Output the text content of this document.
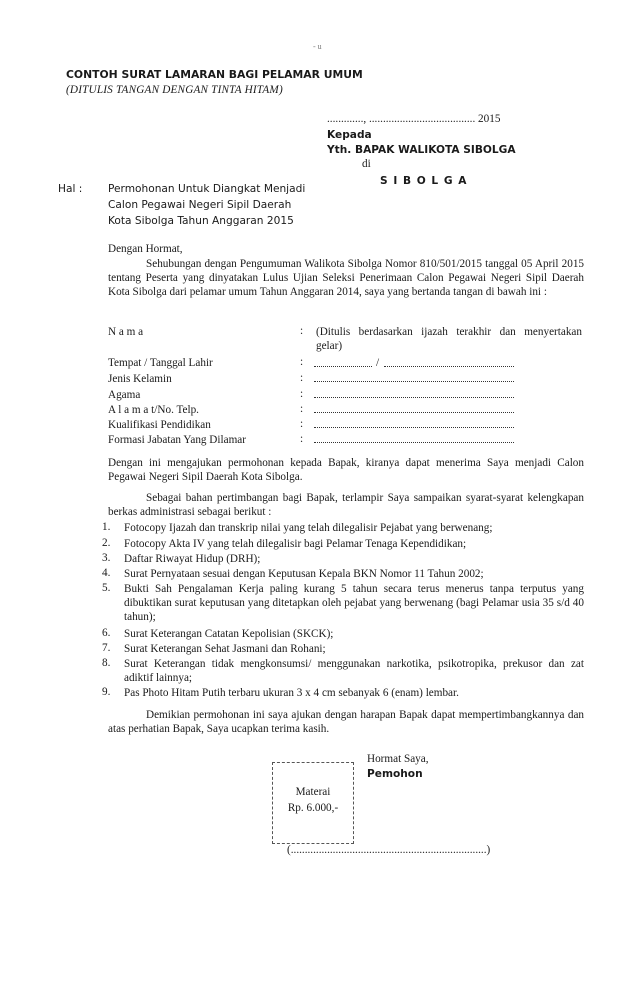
- u
CONTOH SURAT LAMARAN BAGI PELAMAR UMUM
(DITULIS TANGAN DENGAN TINTA HITAM)
............., ...................................... 2015
Kepada
Yth. BAPAK WALIKOTA SIBOLGA
di
S I B O L G A
Hal : Permohonan Untuk Diangkat Menjadi
Calon Pegawai Negeri Sipil Daerah
Kota Sibolga Tahun Anggaran 2015
Dengan Hormat,
Sehubungan dengan Pengumuman Walikota Sibolga Nomor 810/501/2015 tanggal 05 April 2015 tentang Peserta yang dinyatakan Lulus Ujian Seleksi Penerimaan Calon Pegawai Negeri Sipil Daerah Kota Sibolga dari pelamar umum Tahun Anggaran 2014, saya yang bertanda tangan di bawah ini :
N a m a	: (Ditulis berdasarkan ijazah terakhir dan menyertakan gelar)
Tempat / Tanggal Lahir	:	/
Jenis Kelamin	:
Agama	:
A l a m a t/No. Telp.	:
Kualifikasi Pendidikan	:
Formasi Jabatan Yang Dilamar	:
Dengan ini mengajukan permohonan kepada Bapak, kiranya dapat menerima Saya menjadi Calon Pegawai Negeri Sipil Daerah Kota Sibolga.
Sebagai bahan pertimbangan bagi Bapak, terlampir Saya sampaikan syarat-syarat kelengkapan berkas administrasi sebagai berikut :
1. Fotocopy Ijazah dan transkrip nilai yang telah dilegalisir Pejabat yang berwenang;
2. Fotocopy Akta IV yang telah dilegalisir bagi Pelamar Tenaga Kependidikan;
3. Daftar Riwayat Hidup (DRH);
4. Surat Pernyataan sesuai dengan Keputusan Kepala BKN Nomor 11 Tahun 2002;
5. Bukti Sah Pengalaman Kerja paling kurang 5 tahun secara terus menerus tanpa terputus yang dibuktikan surat keputusan yang ditetapkan oleh pejabat yang berwenang (bagi Pelamar usia 35 s/d 40 tahun);
6. Surat Keterangan Catatan Kepolisian (SKCK);
7. Surat Keterangan Sehat Jasmani dan Rohani;
8. Surat Keterangan tidak mengkonsumsi/ menggunakan narkotika, psikotropika, prekusor dan zat adiktif lainnya;
9. Pas Photo Hitam Putih terbaru ukuran 3 x 4 cm sebanyak 6 (enam) lembar.
Demikian permohonan ini saya ajukan dengan harapan Bapak dapat mempertimbangkannya dan atas perhatian Bapak, Saya ucapkan terima kasih.
Hormat Saya,
Pemohon
Materai
Rp. 6.000,-
(......................................................................)
